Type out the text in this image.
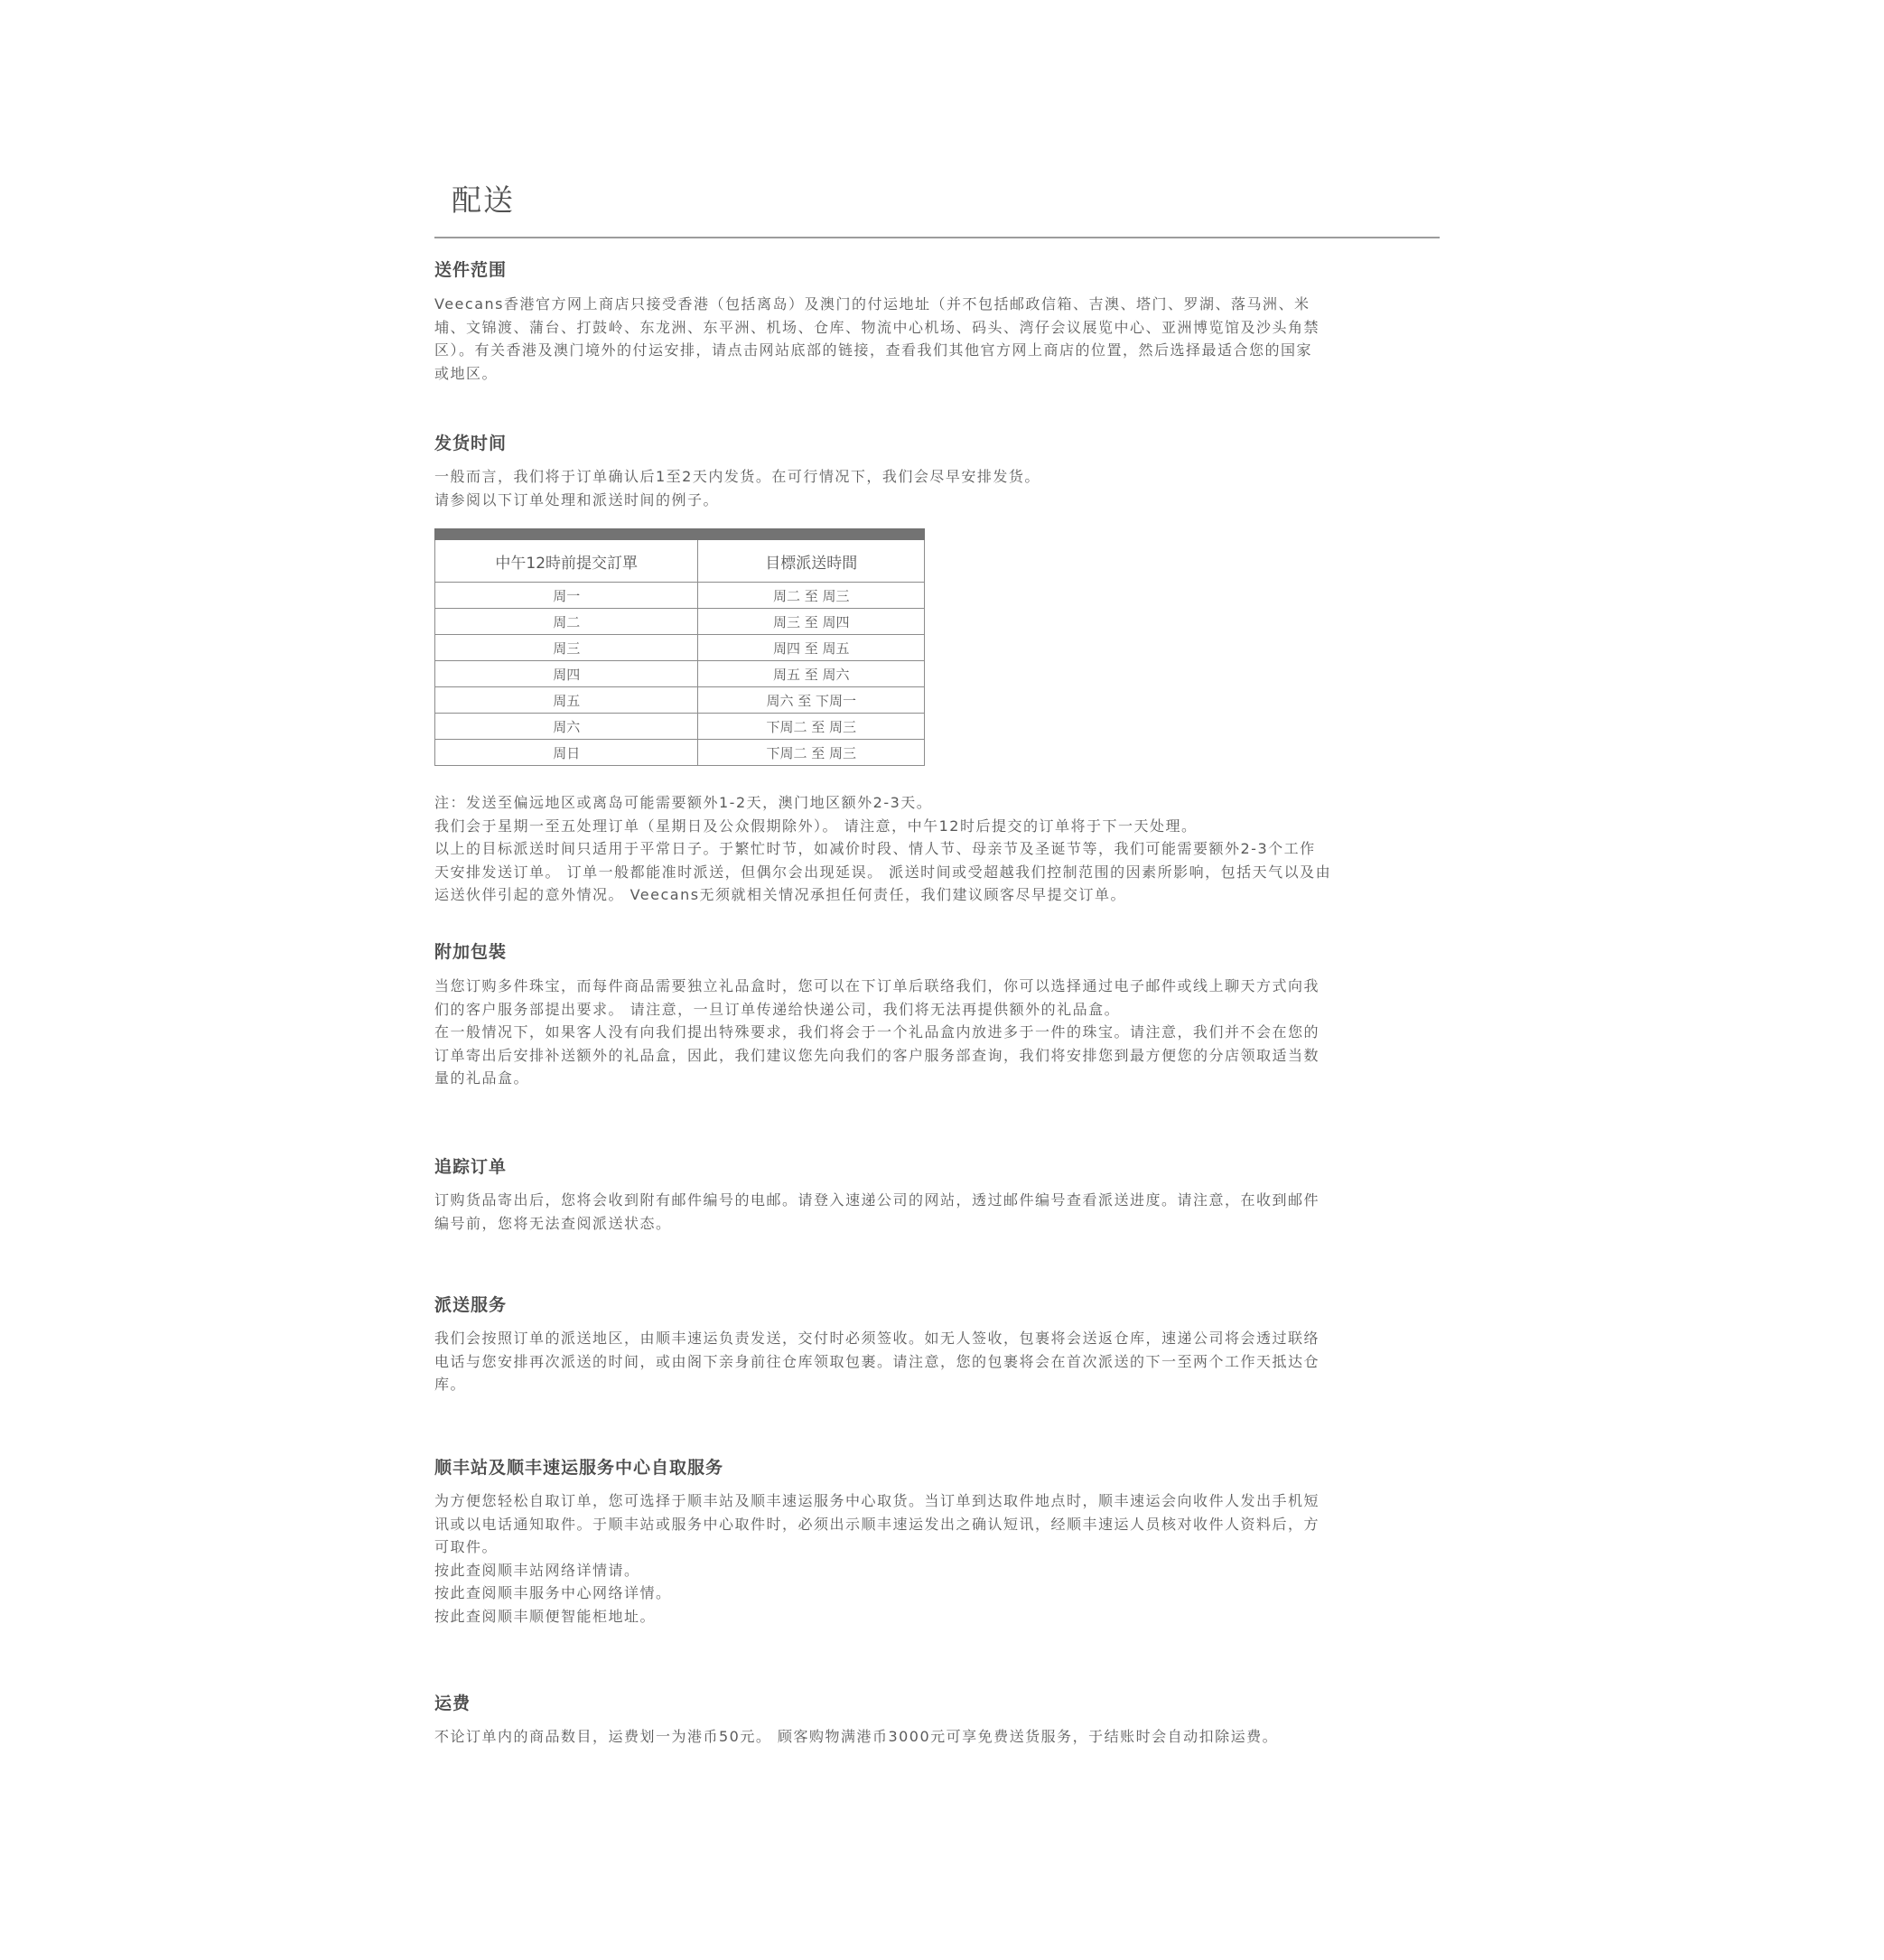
配送
送件范围
Veecans香港官方网上商店只接受香港（包括离岛）及澳门的付运地址（并不包括邮政信箱、吉澳、塔门、罗湖、落马洲、米
埔、文锦渡、蒲台、打鼓岭、东龙洲、东平洲、机场、仓库、物流中心机场、码头、湾仔会议展览中心、亚洲博览馆及沙头角禁
区）。有关香港及澳门境外的付运安排，请点击网站底部的链接，查看我们其他官方网上商店的位置，然后选择最适合您的国家
或地区。
发货时间
一般而言，我们将于订单确认后1至2天内发货。在可行情况下，我们会尽早安排发货。
请参阅以下订单处理和派送时间的例子。

中午12時前提交訂單	目標派送時間
周一	周二 至 周三
周二	周三 至 周四
周三	周四 至 周五
周四	周五 至 周六
周五	周六 至 下周一
周六	下周二 至 周三
周日	下周二 至 周三
注：发送至偏远地区或离岛可能需要额外1-2天，澳门地区额外2-3天。
我们会于星期一至五处理订单（星期日及公众假期除外）。 请注意，中午12时后提交的订单将于下一天处理。
以上的目标派送时间只适用于平常日子。于繁忙时节，如减价时段、情人节、母亲节及圣诞节等，我们可能需要额外2-3个工作
天安排发送订单。 订单一般都能准时派送，但偶尔会出现延误。 派送时间或受超越我们控制范围的因素所影响，包括天气以及由
运送伙伴引起的意外情况。 Veecans无须就相关情况承担任何责任，我们建议顾客尽早提交订单。
附加包裝
当您订购多件珠宝，而每件商品需要独立礼品盒时，您可以在下订单后联络我们，你可以选择通过电子邮件或线上聊天方式向我
们的客户服务部提出要求。 请注意，一旦订单传递给快递公司，我们将无法再提供额外的礼品盒。
在一般情况下，如果客人没有向我们提出特殊要求，我们将会于一个礼品盒内放进多于一件的珠宝。请注意，我们并不会在您的
订单寄出后安排补送额外的礼品盒，因此，我们建议您先向我们的客户服务部查询，我们将安排您到最方便您的分店领取适当数
量的礼品盒。
追踪订单
订购货品寄出后，您将会收到附有邮件编号的电邮。请登入速递公司的网站，透过邮件编号查看派送进度。请注意，在收到邮件
编号前，您将无法查阅派送状态。
派送服务
我们会按照订单的派送地区，由顺丰速运负责发送，交付时必须签收。如无人签收，包裹将会送返仓库，速递公司将会透过联络
电话与您安排再次派送的时间，或由阁下亲身前往仓库领取包裹。请注意，您的包裹将会在首次派送的下一至两个工作天抵达仓
库。
顺丰站及顺丰速运服务中心自取服务
为方便您轻松自取订单，您可选择于顺丰站及顺丰速运服务中心取货。当订单到达取件地点时，顺丰速运会向收件人发出手机短
讯或以电话通知取件。于顺丰站或服务中心取件时，必须出示顺丰速运发出之确认短讯，经顺丰速运人员核对收件人资料后，方
可取件。
按此查阅顺丰站网络详情请。
按此查阅顺丰服务中心网络详情。
按此查阅顺丰顺便智能柜地址。
运费
不论订单内的商品数目，运费划一为港币50元。 顾客购物满港币3000元可享免费送货服务，于结账时会自动扣除运费。
